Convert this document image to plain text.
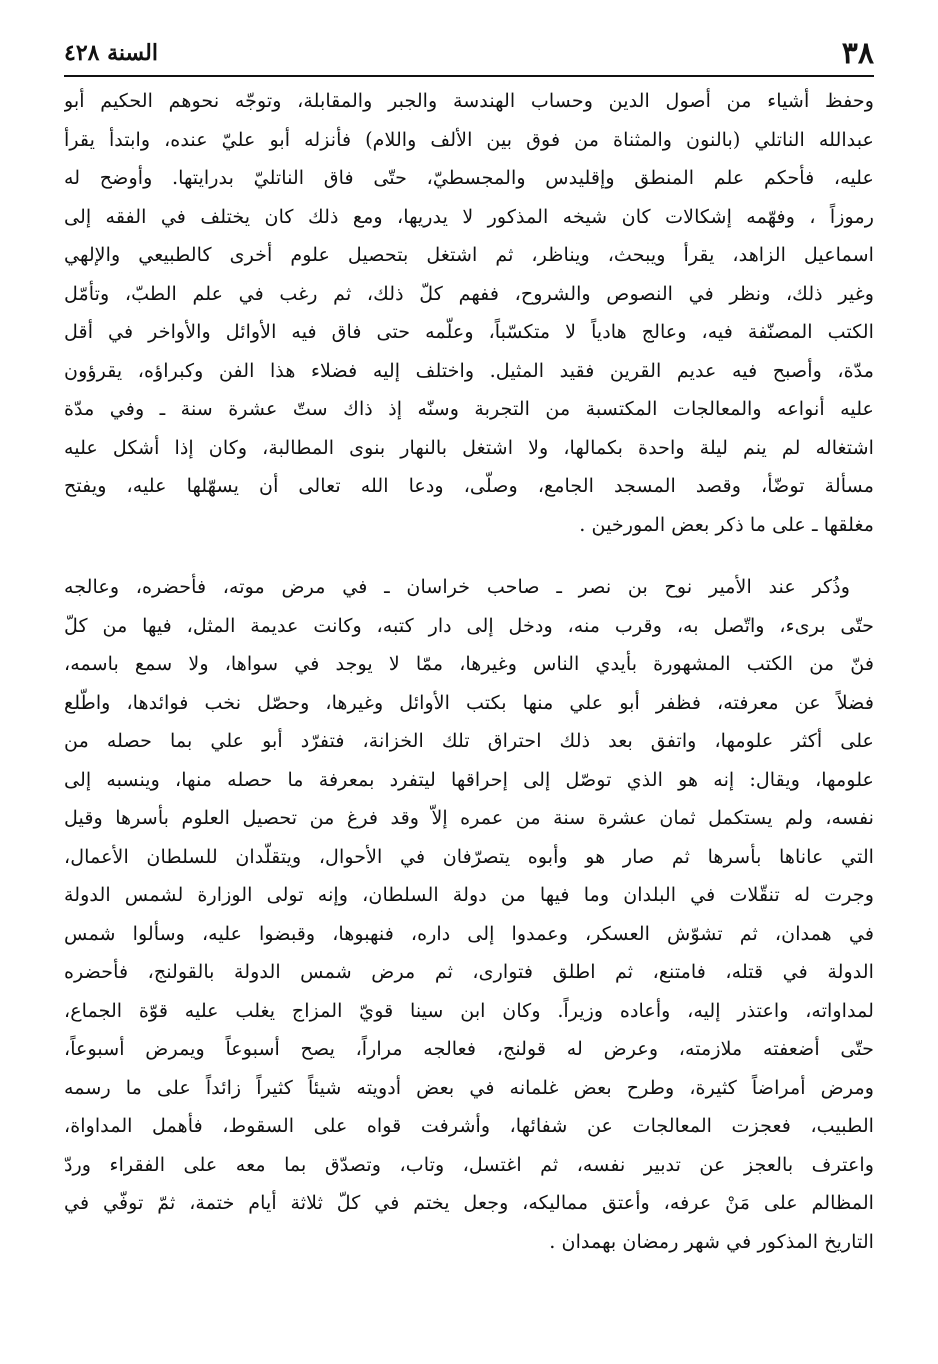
٣٨
السنة ٤٢٨
وحفظ أشياء من أصول الدين وحساب الهندسة والجبر والمقابلة، وتوجّه نحوهم الحكيم أبو
عبدالله الناتلي (بالنون والمثناة من فوق بين الألف واللام) فأنزله أبو عليّ عنده، وابتدأ يقرأ
عليه، فأحكم علم المنطق وإقليدس والمجسطيّ، حتّى فاق الناتليّ بدرايتها. وأوضح له
رموزاً ، وفهّمه إشكالات كان شيخه المذكور لا يدريها، ومع ذلك كان يختلف في الفقه إلى
اسماعيل الزاهد، يقرأ ويبحث، ويناظر، ثم اشتغل بتحصيل علوم أخرى كالطبيعي والإلهي
وغير ذلك، ونظر في النصوص والشروح، ففهم كلّ ذلك، ثم رغب في علم الطبّ، وتأمّل
الكتب المصنّفة فيه، وعالج هادياً لا متكسّباً، وعلّمه حتى فاق فيه الأوائل والأواخر في أقل
مدّة، وأصبح فيه عديم القرين فقيد المثيل. واختلف إليه فضلاء هذا الفن وكبراؤه، يقرؤون
عليه أنواعه والمعالجات المكتسبة من التجربة وسنّه إذ ذاك ستّ عشرة سنة ـ وفي مدّة
اشتغاله لم ينم ليلة واحدة بكمالها، ولا اشتغل بالنهار بنوى المطالبة، وكان إذا أشكل عليه
مسألة توضّأ، وقصد المسجد الجامع، وصلّى، ودعا الله تعالى أن يسهّلها عليه، ويفتح
مغلقها ـ على ما ذكر بعض المورخين .
وذُكر عند الأمير نوح بن نصر ـ صاحب خراسان ـ في مرض موته، فأحضره، وعالجه
حتّى برىء، واتّصل به، وقرب منه، ودخل إلى دار كتبه، وكانت عديمة المثل، فيها من كلّ
فنّ من الكتب المشهورة بأيدي الناس وغيرها، ممّا لا يوجد في سواها، ولا سمع باسمه،
فضلاً عن معرفته، فظفر أبو علي منها بكتب الأوائل وغيرها، وحصّل نخب فوائدها، واطّلع
على أكثر علومها، واتفق بعد ذلك احتراق تلك الخزانة، فتفرّد أبو علي بما حصله من
علومها، ويقال: إنه هو الذي توصّل إلى إحراقها ليتفرد بمعرفة ما حصله منها، وينسبه إلى
نفسه، ولم يستكمل ثمان عشرة سنة من عمره إلاّ وقد فرغ من تحصيل العلوم بأسرها وقيل
التي عاناها بأسرها ثم صار هو وأبوه يتصرّفان في الأحوال، ويتقلّدان للسلطان الأعمال،
وجرت له تنقّلات في البلدان وما فيها من دولة السلطان، وإنه تولى الوزارة لشمس الدولة
في همدان، ثم تشوّش العسكر، وعمدوا إلى داره، فنهبوها، وقبضوا عليه، وسألوا شمس
الدولة في قتله، فامتنع، ثم اطلق فتوارى، ثم مرض شمس الدولة بالقولنج، فأحضره
لمداواته، واعتذر إليه، وأعاده وزيراً. وكان ابن سينا قويّ المزاج يغلب عليه قوّة الجماع،
حتّى أضعفته ملازمته، وعرض له قولنج، فعالجه مراراً، يصح أسبوعاً ويمرض أسبوعاً،
ومرض أمراضاً كثيرة، وطرح بعض غلمانه في بعض أدويته شيئاً كثيراً زائداً على ما رسمه
الطبيب، فعجزت المعالجات عن شفائها، وأشرفت قواه على السقوط، فأهمل المداواة،
واعترف بالعجز عن تدبير نفسه، ثم اغتسل، وتاب، وتصدّق بما معه على الفقراء وردّ
المظالم على مَنْ عرفه، وأعتق مماليكه، وجعل يختم في كلّ ثلاثة أيام ختمة، ثمّ توفّي في
التاريخ المذكور في شهر رمضان بهمدان .
